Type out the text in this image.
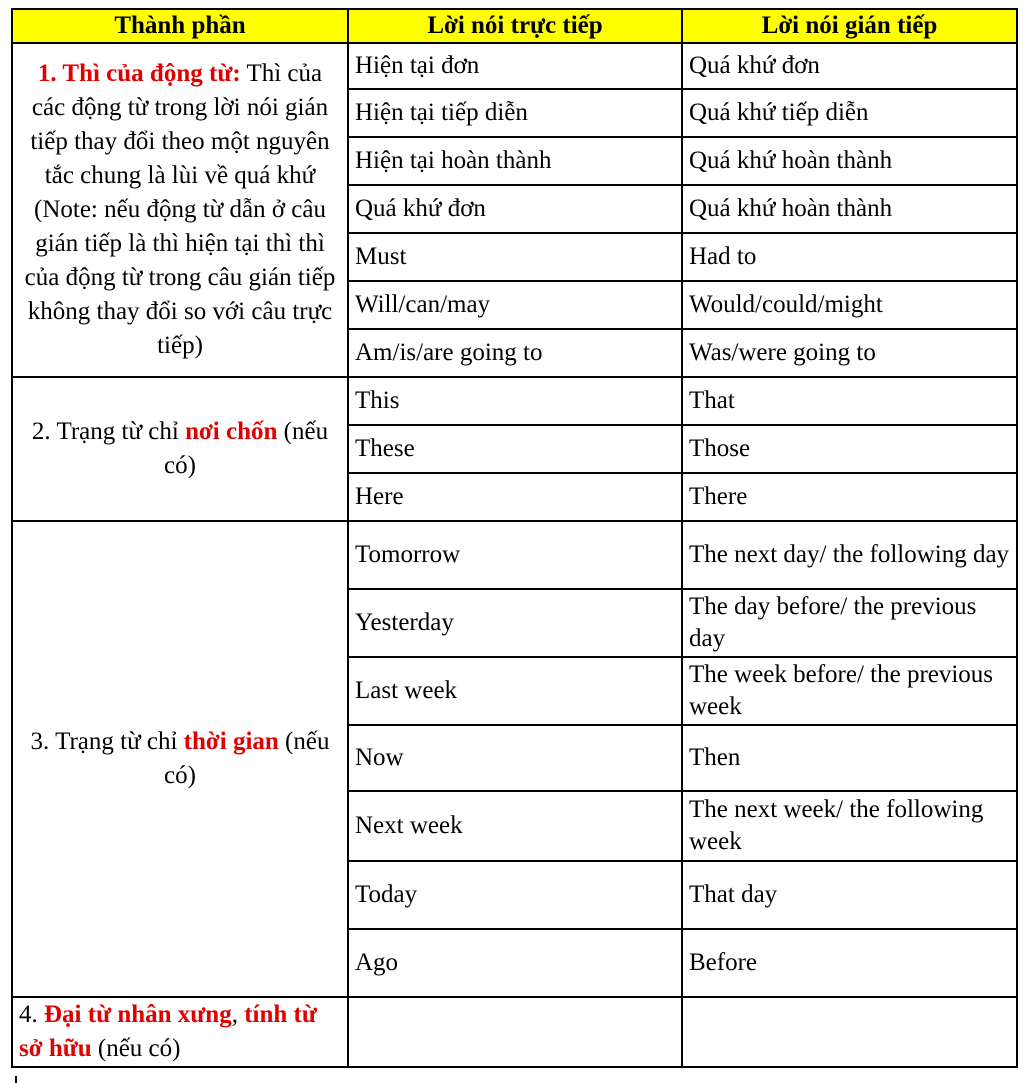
Thành phần	Lời nói trực tiếp	Lời nói gián tiếp
1. Thì của động từ: Thì của các động từ trong lời nói gián tiếp thay đổi theo một nguyên tắc chung là lùi về quá khứ (Note: nếu động từ dẫn ở câu gián tiếp là thì hiện tại thì thì của động từ trong câu gián tiếp không thay đổi so với câu trực tiếp)	Hiện tại đơn	Quá khứ đơn
	Hiện tại tiếp diễn	Quá khứ tiếp diễn
	Hiện tại hoàn thành	Quá khứ hoàn thành
	Quá khứ đơn	Quá khứ hoàn thành
	Must	Had to
	Will/can/may	Would/could/might
	Am/is/are going to	Was/were going to
2. Trạng từ chỉ nơi chốn (nếu có)	This	That
	These	Those
	Here	There
3. Trạng từ chỉ thời gian (nếu có)	Tomorrow	The next day/ the following day
	Yesterday	The day before/ the previous day
	Last week	The week before/ the previous week
	Now	Then
	Next week	The next week/ the following week
	Today	That day
	Ago	Before
4. Đại từ nhân xưng, tính từ sở hữu (nếu có)		
